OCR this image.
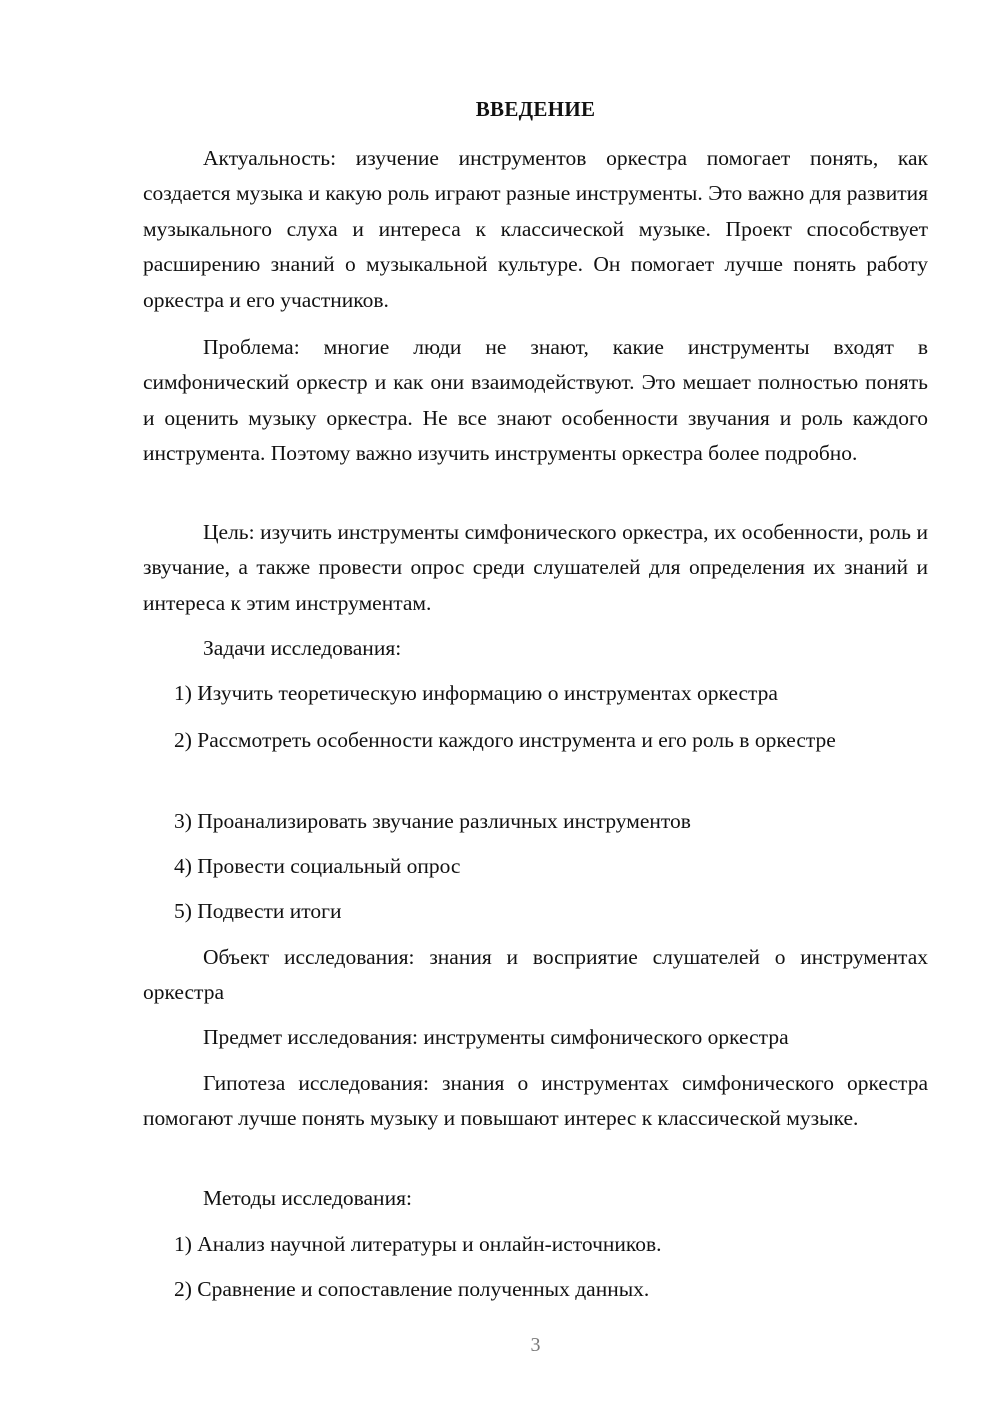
ВВЕДЕНИЕ

Актуальность: изучение инструментов оркестра помогает понять, как создается музыка и какую роль играют разные инструменты. Это важно для развития музыкального слуха и интереса к классической музыке. Проект способствует расширению знаний о музыкальной культуре. Он помогает лучше понять работу оркестра и его участников.

Проблема: многие люди не знают, какие инструменты входят в симфонический оркестр и как они взаимодействуют. Это мешает полностью понять и оценить музыку оркестра. Не все знают особенности звучания и роль каждого инструмента. Поэтому важно изучить инструменты оркестра более подробно.

Цель: изучить инструменты симфонического оркестра, их особенности, роль и звучание, а также провести опрос среди слушателей для определения их знаний и интереса к этим инструментам.

Задачи исследования:

1) Изучить теоретическую информацию о инструментах оркестра

2) Рассмотреть особенности каждого инструмента и его роль в оркестре

3) Проанализировать звучание различных инструментов

4) Провести социальный опрос

5) Подвести итоги

Объект исследования: знания и восприятие слушателей о инструментах оркестра

Предмет исследования: инструменты симфонического оркестра

Гипотеза исследования: знания о инструментах симфонического оркестра помогают лучше понять музыку и повышают интерес к классической музыке.

Методы исследования:

1) Анализ научной литературы и онлайн-источников.

2) Сравнение и сопоставление полученных данных.

3
